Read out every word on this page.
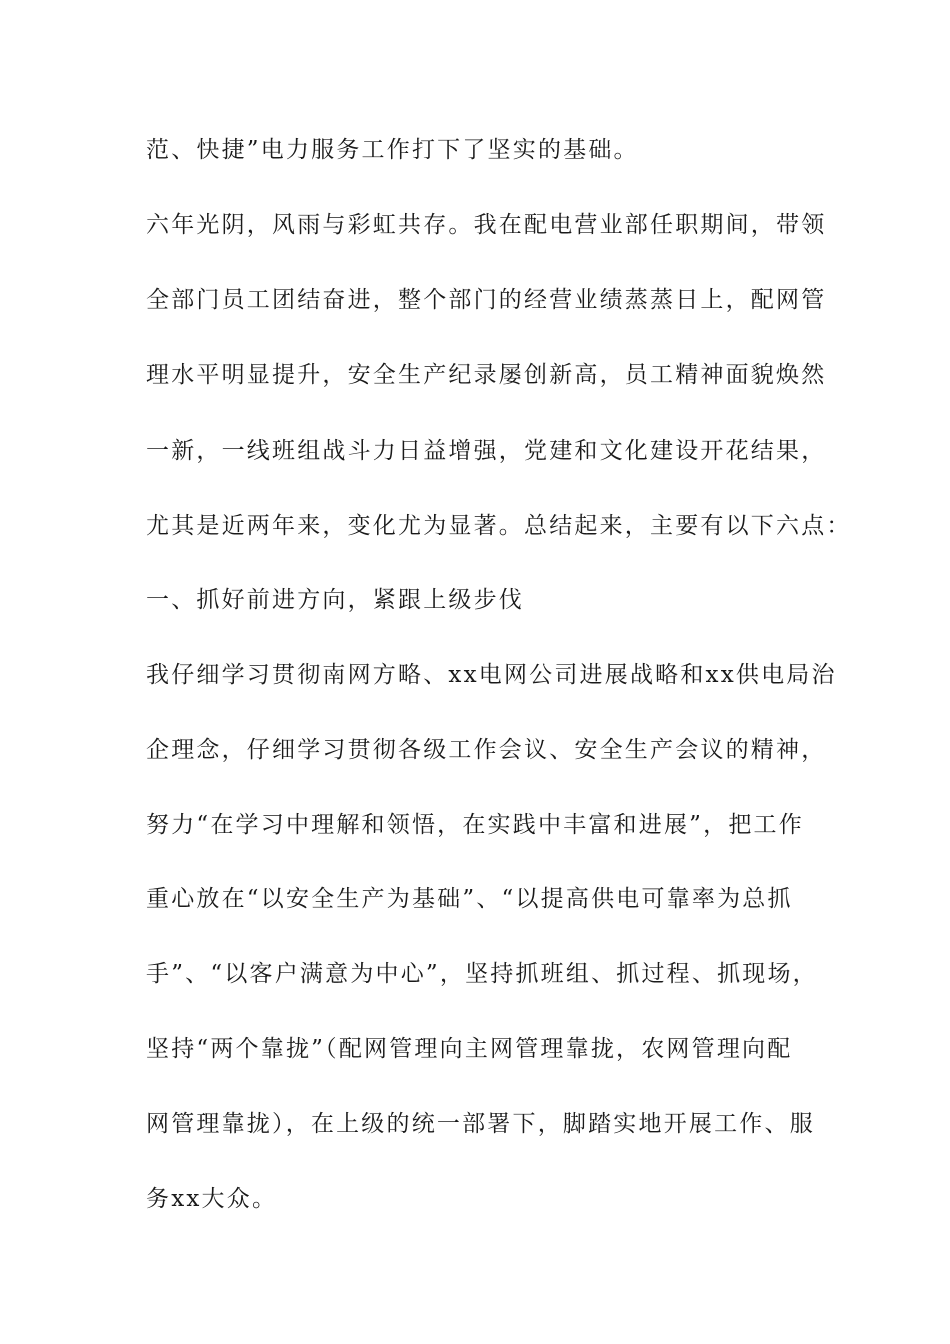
范、快捷”电力服务工作打下了坚实的基础。
六年光阴，风雨与彩虹共存。我在配电营业部任职期间，带领
全部门员工团结奋进，整个部门的经营业绩蒸蒸日上，配网管
理水平明显提升，安全生产纪录屡创新高，员工精神面貌焕然
一新，一线班组战斗力日益增强，党建和文化建设开花结果，
尤其是近两年来，变化尤为显著。总结起来，主要有以下六点：
一、抓好前进方向，紧跟上级步伐
我仔细学习贯彻南网方略、xx电网公司进展战略和xx供电局治
企理念，仔细学习贯彻各级工作会议、安全生产会议的精神，
努力“在学习中理解和领悟，在实践中丰富和进展”，把工作
重心放在“以安全生产为基础”、“以提高供电可靠率为总抓
手”、“以客户满意为中心”，坚持抓班组、抓过程、抓现场，
坚持“两个靠拢”（配网管理向主网管理靠拢，农网管理向配
网管理靠拢），在上级的统一部署下，脚踏实地开展工作、服
务xx大众。
